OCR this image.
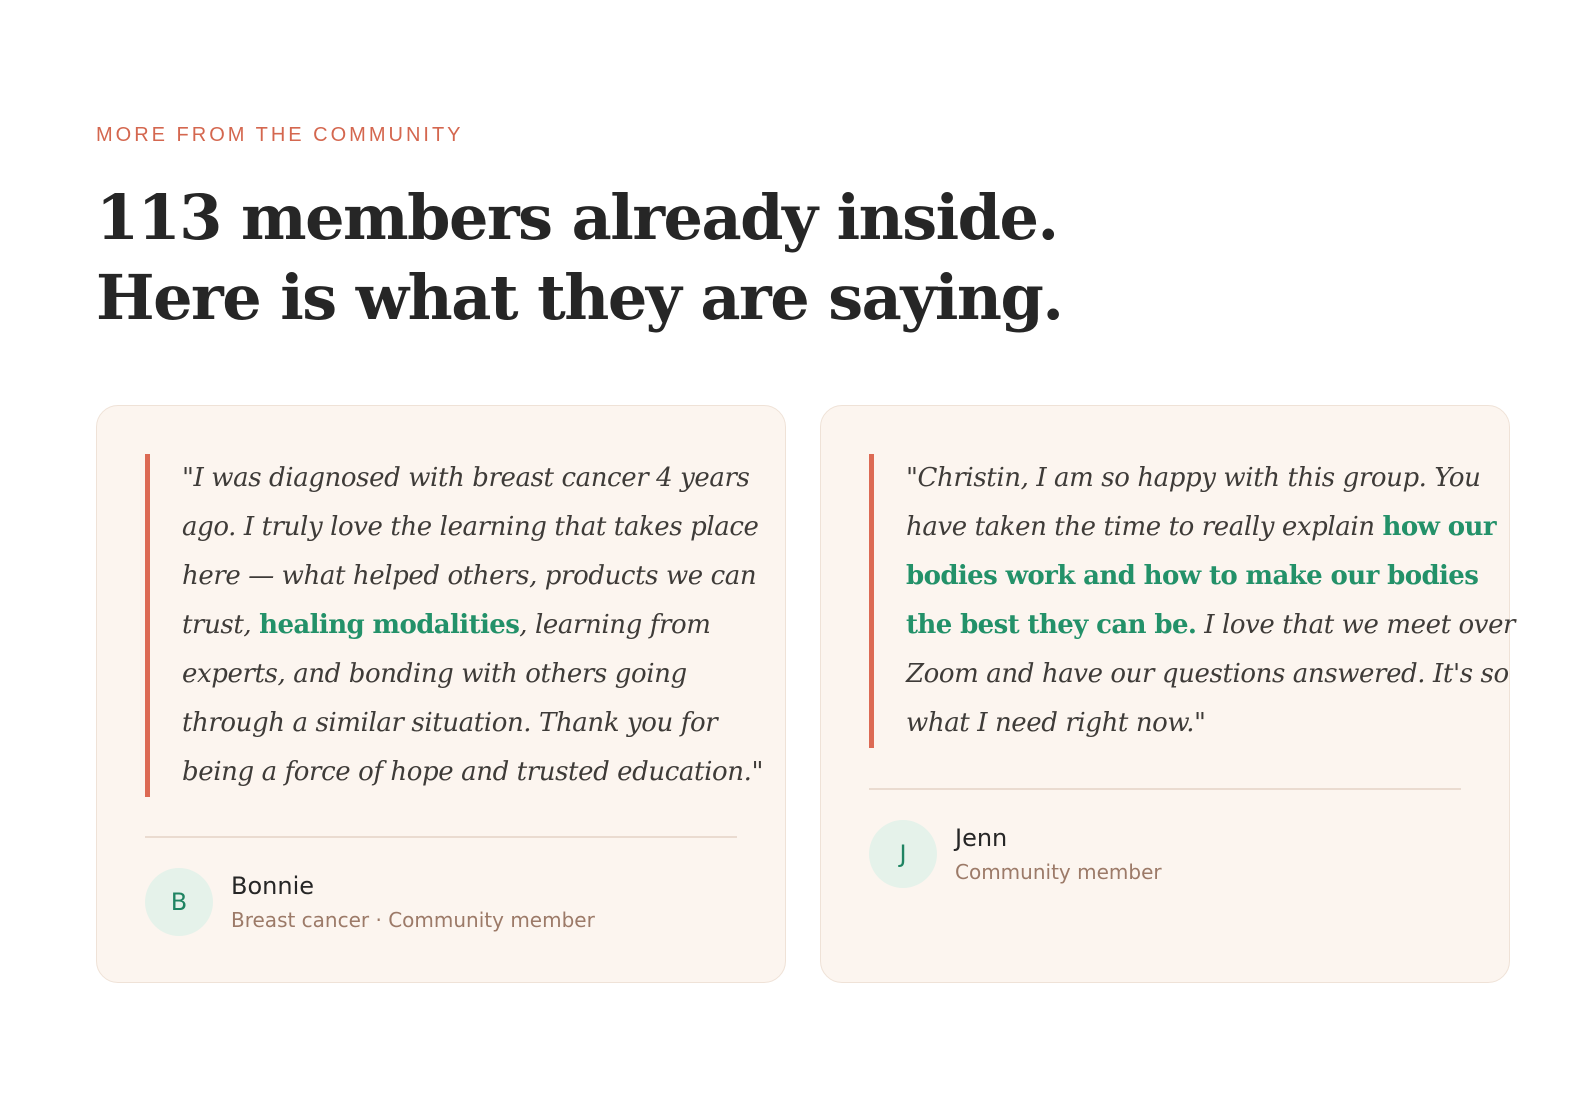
MORE FROM THE COMMUNITY
113 members already inside.
Here is what they are saying.
"I was diagnosed with breast cancer 4 years
ago. I truly love the learning that takes place
here — what helped others, products we can
trust, healing modalities, learning from
experts, and bonding with others going
through a similar situation. Thank you for
being a force of hope and trusted education."
B
Bonnie
Breast cancer · Community member
"Christin, I am so happy with this group. You
have taken the time to really explain how our
bodies work and how to make our bodies
the best they can be. I love that we meet over
Zoom and have our questions answered. It's so
what I need right now."
J
Jenn
Community member
